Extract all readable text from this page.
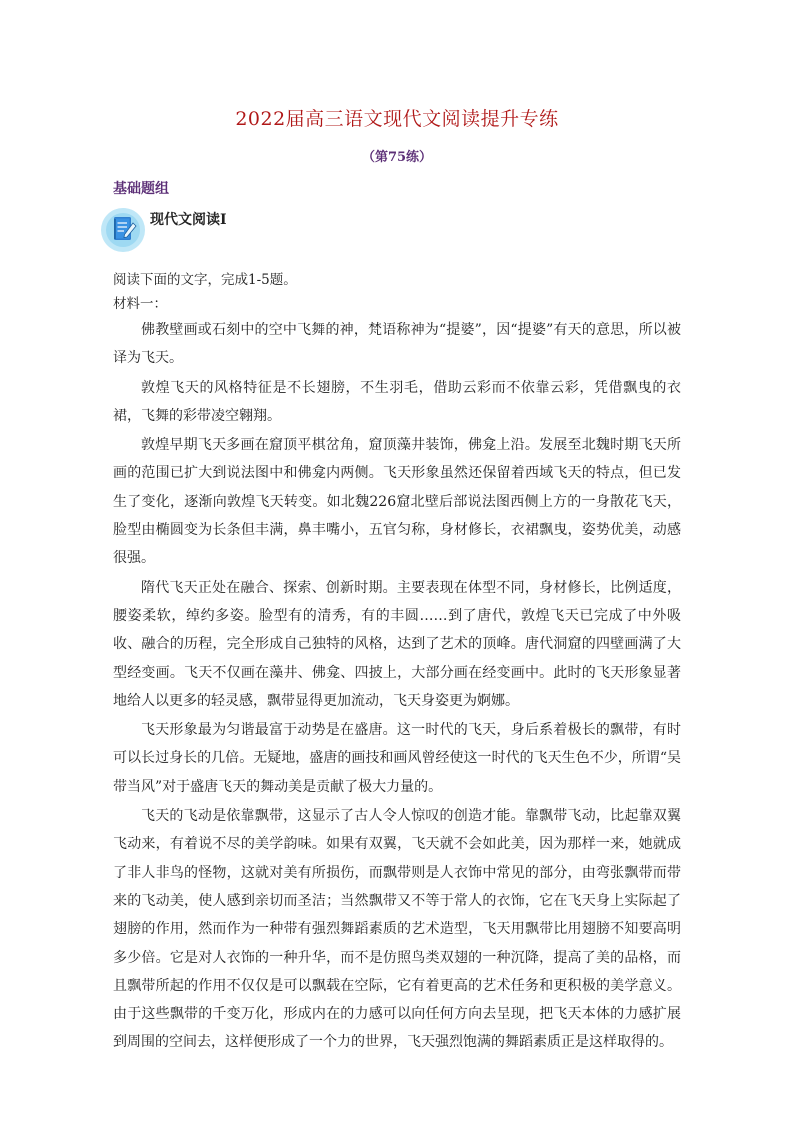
2022届高三语文现代文阅读提升专练
（第75练）
基础题组
现代文阅读Ⅰ
阅读下面的文字，完成1-5题。
材料一：

佛教壁画或石刻中的空中飞舞的神，梵语称神为“提婆”，因“提婆”有天的意思，所以被译为飞天。

敦煌飞天的风格特征是不长翅膀，不生羽毛，借助云彩而不依靠云彩，凭借飘曳的衣裙，飞舞的彩带凌空翱翔。

敦煌早期飞天多画在窟顶平棋岔角，窟顶藻井装饰，佛龛上沿。发展至北魏时期飞天所画的范围已扩大到说法图中和佛龛内两侧。飞天形象虽然还保留着西域飞天的特点，但已发生了变化，逐渐向敦煌飞天转变。如北魏226窟北壁后部说法图西侧上方的一身散花飞天，脸型由椭圆变为长条但丰满，鼻丰嘴小，五官匀称，身材修长，衣裙飘曳，姿势优美，动感很强。

隋代飞天正处在融合、探索、创新时期。主要表现在体型不同，身材修长，比例适度，腰姿柔软，绰约多姿。脸型有的清秀，有的丰圆……到了唐代，敦煌飞天已完成了中外吸收、融合的历程，完全形成自己独特的风格，达到了艺术的顶峰。唐代洞窟的四壁画满了大型经变画。飞天不仅画在藻井、佛龛、四披上，大部分画在经变画中。此时的飞天形象显著地给人以更多的轻灵感，飘带显得更加流动，飞天身姿更为婀娜。

飞天形象最为匀谐最富于动势是在盛唐。这一时代的飞天，身后系着极长的飘带，有时可以长过身长的几倍。无疑地，盛唐的画技和画风曾经使这一时代的飞天生色不少，所谓“吴带当风”对于盛唐飞天的舞动美是贡献了极大力量的。

飞天的飞动是依靠飘带，这显示了古人令人惊叹的创造才能。靠飘带飞动，比起靠双翼飞动来，有着说不尽的美学韵味。如果有双翼，飞天就不会如此美，因为那样一来，她就成了非人非鸟的怪物，这就对美有所损伤，而飘带则是人衣饰中常见的部分，由弯张飘带而带来的飞动美，使人感到亲切而圣洁；当然飘带又不等于常人的衣饰，它在飞天身上实际起了翅膀的作用，然而作为一种带有强烈舞蹈素质的艺术造型，飞天用飘带比用翅膀不知要高明多少倍。它是对人衣饰的一种升华，而不是仿照鸟类双翅的一种沉降，提高了美的品格，而且飘带所起的作用不仅仅是可以飘载在空际，它有着更高的艺术任务和更积极的美学意义。由于这些飘带的千变万化，形成内在的力感可以向任何方向去呈现，把飞天本体的力感扩展到周围的空间去，这样便形成了一个力的世界，飞天强烈饱满的舞蹈素质正是这样取得的。
